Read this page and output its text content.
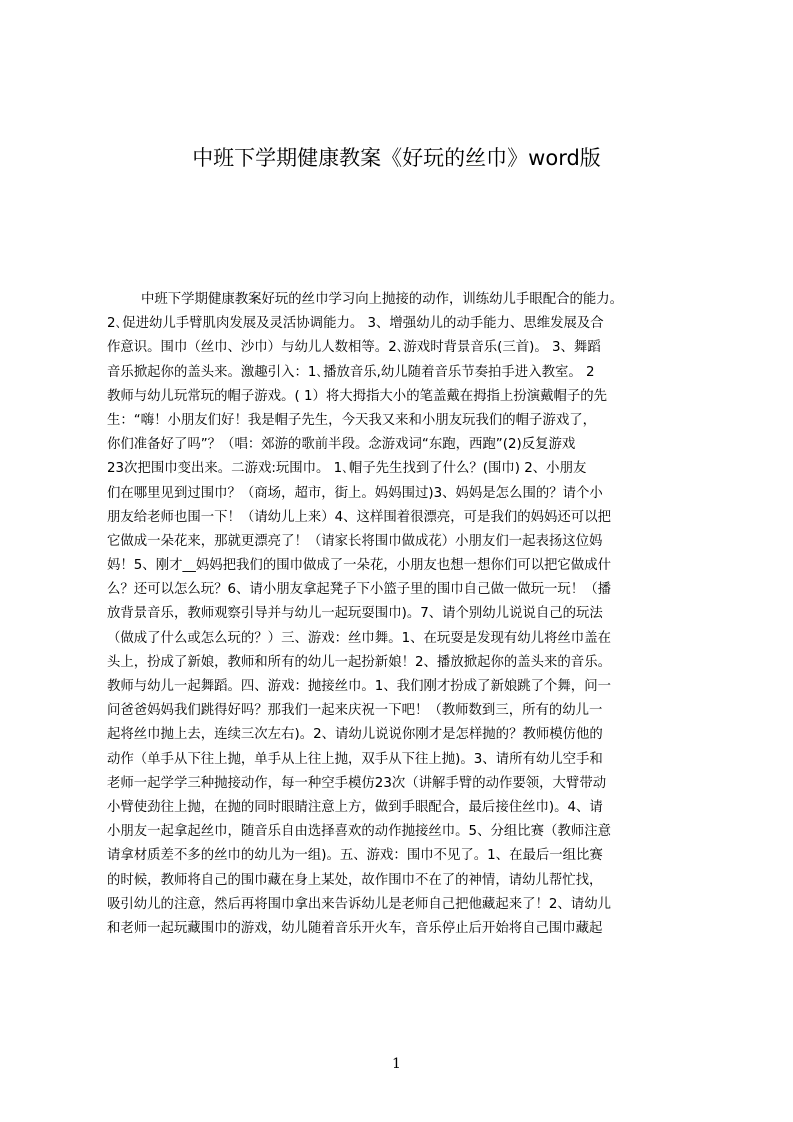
中班下学期健康教案《好玩的丝巾》word版
中班下学期健康教案好玩的丝巾学习向上抛接的动作，训练幼儿手眼配合的能力。
2､促进幼儿手臂肌肉发展及灵活协调能力。 3、增强幼儿的动手能力、思维发展及合
作意识。围巾（丝巾、沙巾）与幼儿人数相等。2､游戏时背景音乐(三首)。 3、舞蹈
音乐掀起你的盖头来。激趣引入：1､播放音乐,幼儿随着音乐节奏拍手进入教室。 2
教师与幼儿玩常玩的帽子游戏。( 1）将大拇指大小的笔盖戴在拇指上扮演戴帽子的先
生：“嗨！小朋友们好！我是帽子先生，今天我又来和小朋友玩我们的帽子游戏了，
你们准备好了吗”？（唱：郊游的歌前半段。念游戏词“东跑，西跑”(2)反复游戏
23次把围巾变出来。二游戏:玩围巾。 1､帽子先生找到了什么？(围巾) 2、小朋友
们在哪里见到过围巾？（商场，超市，街上。妈妈围过)3、妈妈是怎么围的？请个小
朋友给老师也围一下！（请幼儿上来）4、这样围着很漂亮，可是我们的妈妈还可以把
它做成一朵花来，那就更漂亮了！（请家长将围巾做成花）小朋友们一起表扬这位妈
妈！5、刚才__妈妈把我们的围巾做成了一朵花，小朋友也想一想你们可以把它做成什
么？还可以怎么玩？6、请小朋友拿起凳子下小篮子里的围巾自己做一做玩一玩！（播
放背景音乐，教师观察引导并与幼儿一起玩耍围巾)。7、请个别幼儿说说自己的玩法
（做成了什么或怎么玩的？）三、游戏：丝巾舞。1、在玩耍是发现有幼儿将丝巾盖在
头上，扮成了新娘，教师和所有的幼儿一起扮新娘！2、播放掀起你的盖头来的音乐。
教师与幼儿一起舞蹈。四、游戏：抛接丝巾。1、我们刚才扮成了新娘跳了个舞，问一
问爸爸妈妈我们跳得好吗？那我们一起来庆祝一下吧！（教师数到三，所有的幼儿一
起将丝巾抛上去，连续三次左右)。2、请幼儿说说你刚才是怎样抛的？教师模仿他的
动作（单手从下往上抛，单手从上往上抛，双手从下往上抛)。3、请所有幼儿空手和
老师一起学学三种抛接动作，每一种空手模仿23次（讲解手臂的动作要领，大臂带动
小臂使劲往上抛，在抛的同时眼睛注意上方，做到手眼配合，最后接住丝巾)。4、请
小朋友一起拿起丝巾，随音乐自由选择喜欢的动作抛接丝巾。5、分组比赛（教师注意
请拿材质差不多的丝巾的幼儿为一组)。五、游戏：围巾不见了。1、在最后一组比赛
的时候，教师将自己的围巾藏在身上某处，故作围巾不在了的神情，请幼儿帮忙找，
吸引幼儿的注意，然后再将围巾拿出来告诉幼儿是老师自己把他藏起来了！2、请幼儿
和老师一起玩藏围巾的游戏，幼儿随着音乐开火车，音乐停止后开始将自己围巾藏起
1
